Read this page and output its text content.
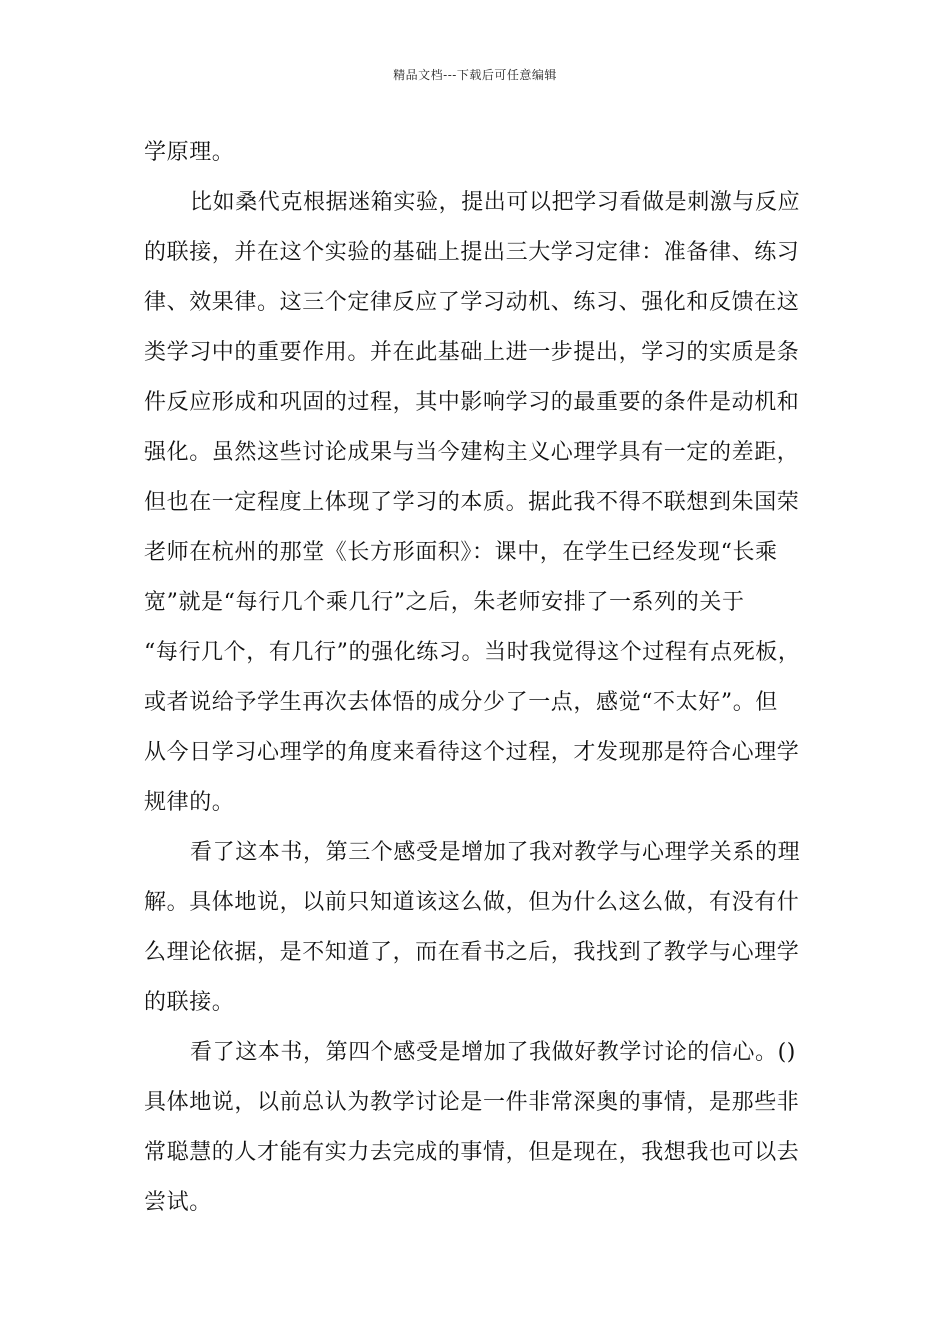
精品文档---下载后可任意编辑
学原理。
比如桑代克根据迷箱实验，提出可以把学习看做是刺激与反应
的联接，并在这个实验的基础上提出三大学习定律：准备律、练习
律、效果律。这三个定律反应了学习动机、练习、强化和反馈在这
类学习中的重要作用。并在此基础上进一步提出，学习的实质是条
件反应形成和巩固的过程，其中影响学习的最重要的条件是动机和
强化。虽然这些讨论成果与当今建构主义心理学具有一定的差距，
但也在一定程度上体现了学习的本质。据此我不得不联想到朱国荣
老师在杭州的那堂《长方形面积》：课中，在学生已经发现“长乘
宽”就是“每行几个乘几行”之后，朱老师安排了一系列的关于
“每行几个，有几行”的强化练习。当时我觉得这个过程有点死板，
或者说给予学生再次去体悟的成分少了一点，感觉“不太好”。但
从今日学习心理学的角度来看待这个过程，才发现那是符合心理学
规律的。
看了这本书，第三个感受是增加了我对教学与心理学关系的理
解。具体地说，以前只知道该这么做，但为什么这么做，有没有什
么理论依据，是不知道了，而在看书之后，我找到了教学与心理学
的联接。
看了这本书，第四个感受是增加了我做好教学讨论的信心。()
具体地说，以前总认为教学讨论是一件非常深奥的事情，是那些非
常聪慧的人才能有实力去完成的事情，但是现在，我想我也可以去
尝试。
